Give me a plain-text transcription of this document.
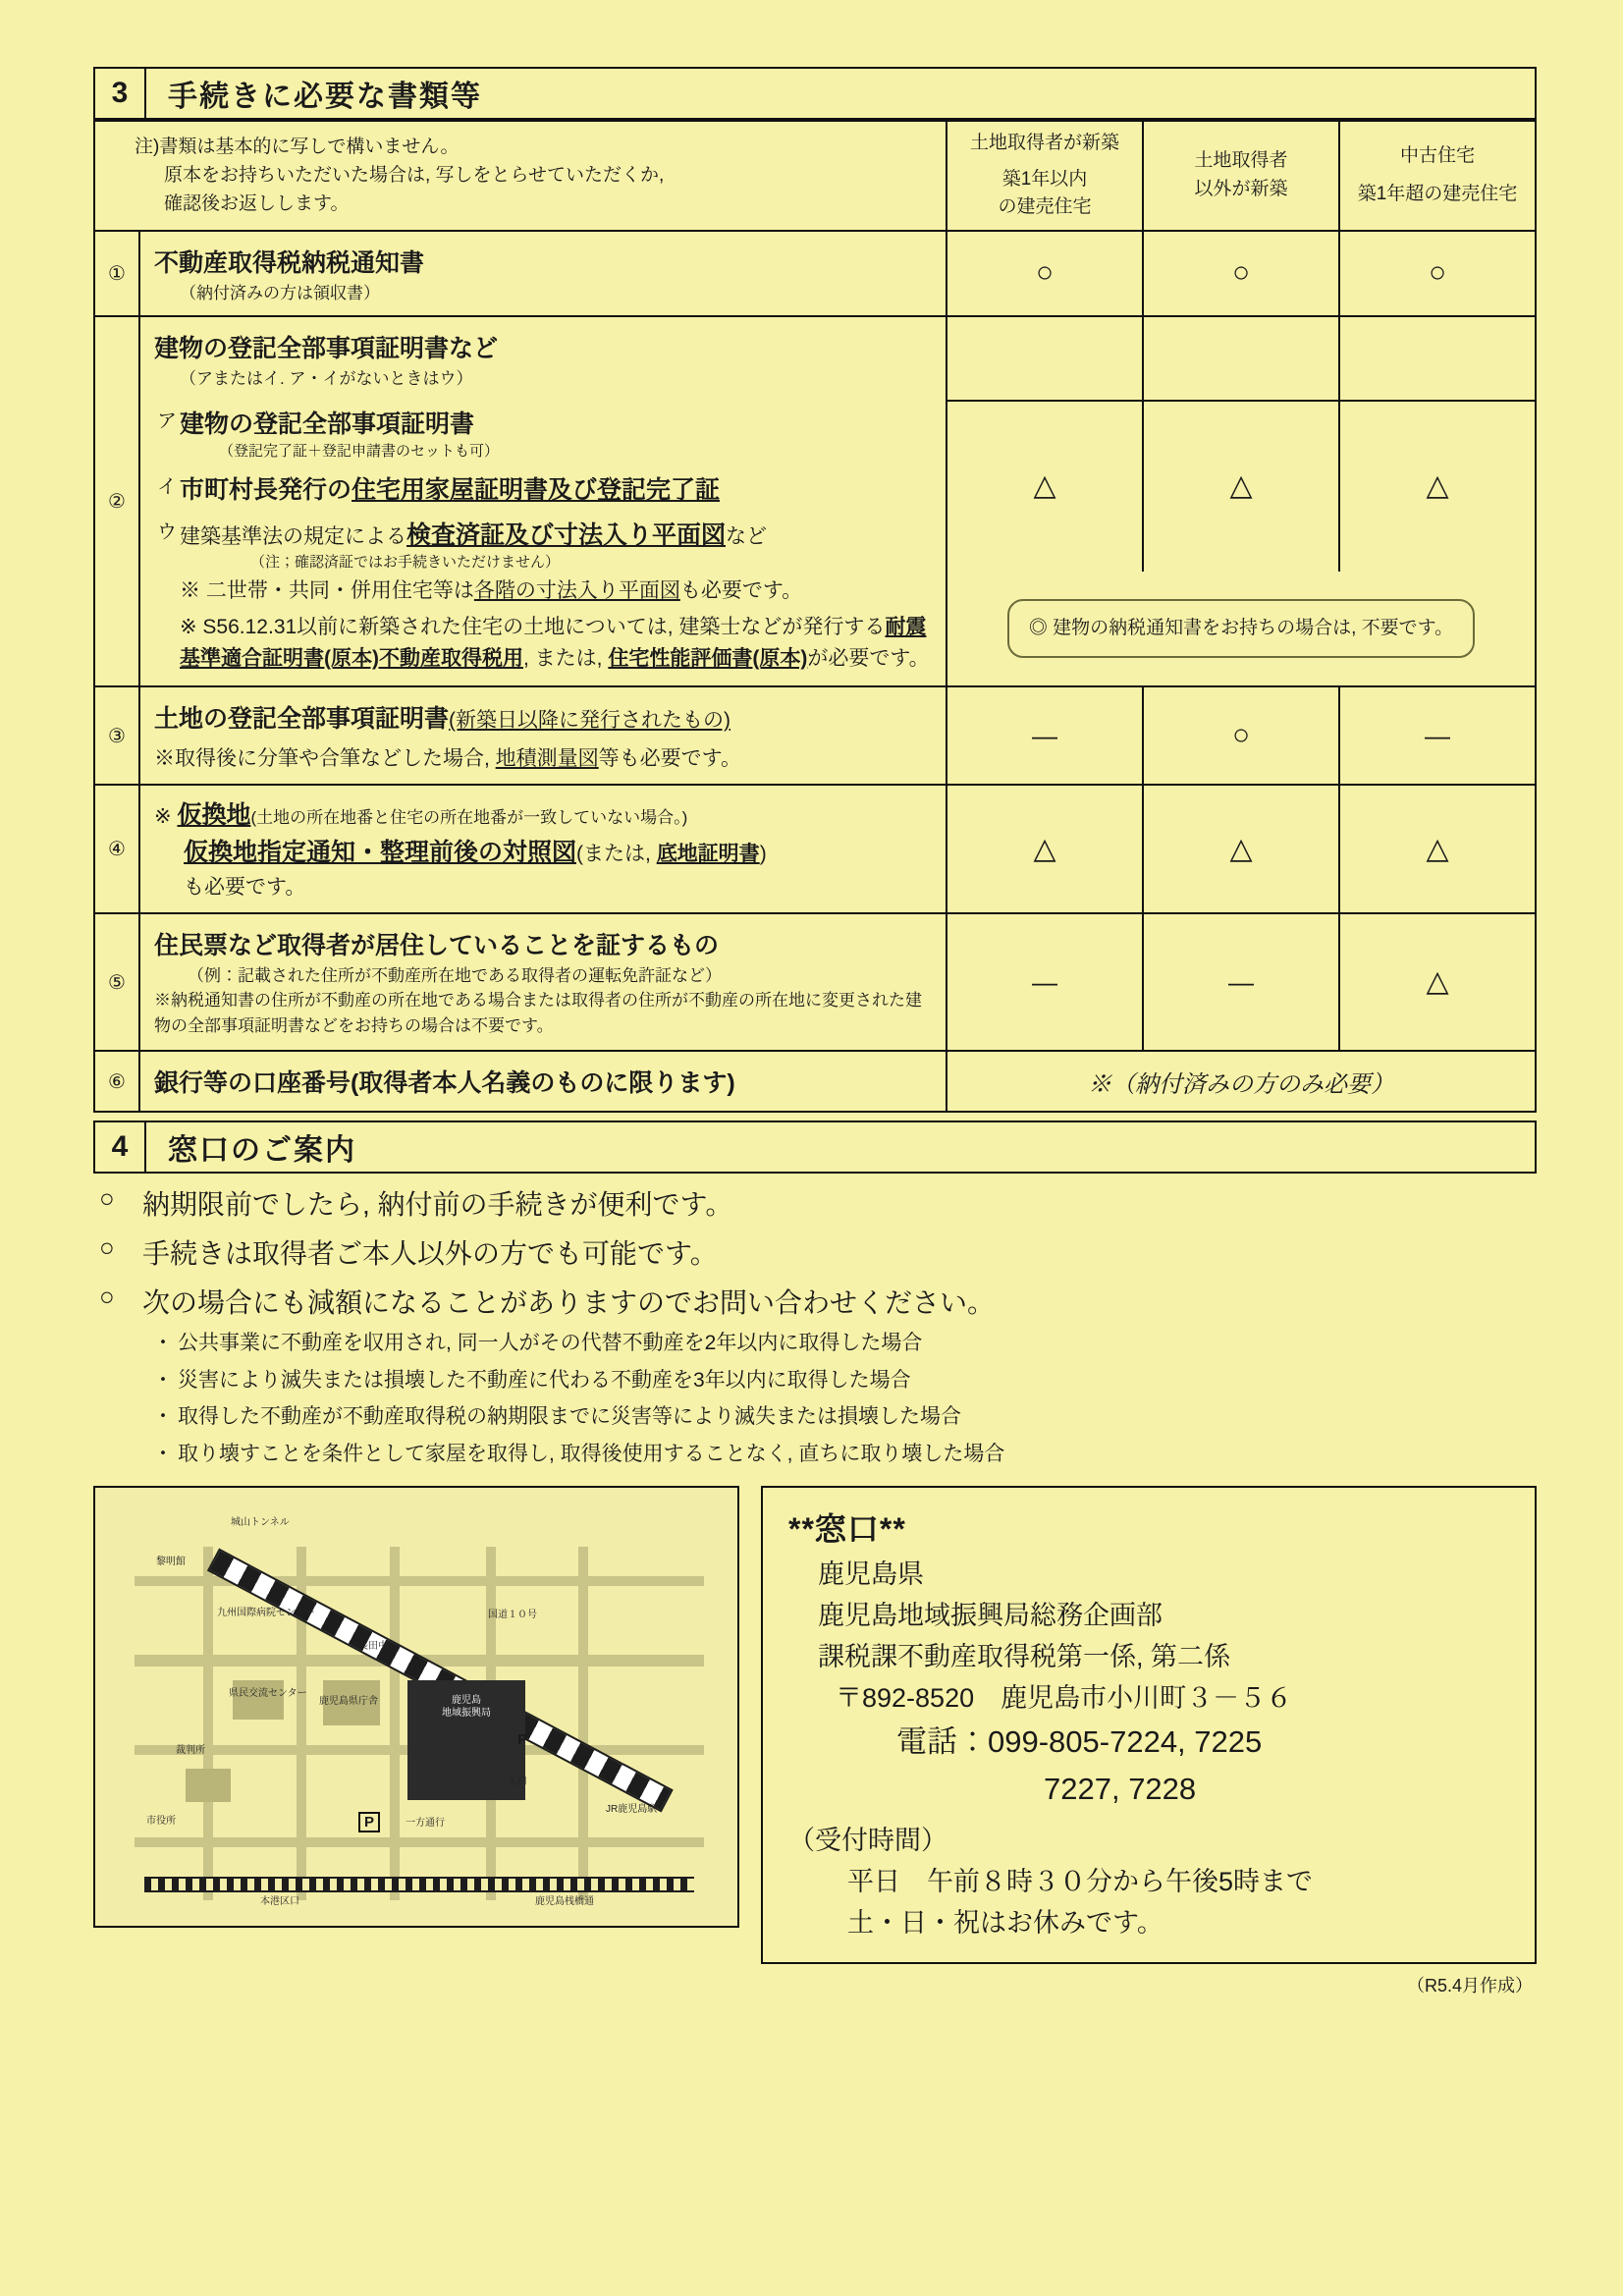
3	手続きに必要な書類等
注)書類は基本的に写しで構いません。
原本をお持ちいただいた場合は, 写しをとらせていただくか,
確認後お返しします。

土地取得者が新築
築1年以内
の建売住宅

土地取得者
以外が新築

中古住宅
築1年超の建売住宅

①	不動産取得税納税通知書
（納付済みの方は領収書）	○	○	○
②	建物の登記全部事項証明書など
（アまたはイ. ア・イがないときはウ）			

ア 建物の登記全部事項証明書
（登記完了証＋登記申請書のセットも可）
イ 市町村長発行の住宅用家屋証明書及び登記完了証
ウ 建築基準法の規定による検査済証及び寸法入り平面図など
（注；確認済証ではお手続きいただけません）
	△	△	△

	※ 二世帯・共同・併用住宅等は各階の寸法入り平面図も必要です。
※ S56.12.31以前に新築された住宅の土地については, 建築士などが発行する耐震基準適合証明書(原本)不動産取得税用, または, 住宅性能評価書(原本)が必要です。	◎ 建物の納税通知書をお持ちの場合は, 不要です。		

③	土地の登記全部事項証明書(新築日以降に発行されたもの)
※取得後に分筆や合筆などした場合, 地積測量図等も必要です。	―	○	―
④	※ 仮換地(土地の所在地番と住宅の所在地番が一致していない場合。)
仮換地指定通知・整理前後の対照図(または, 底地証明書)
も必要です。	△	△	△
⑤	住民票など取得者が居住していることを証するもの
（例：記載された住所が不動産所在地である取得者の運転免許証など）
※納税通知書の住所が不動産の所在地である場合または取得者の住所が不動産の所在地に変更された建物の全部事項証明書などをお持ちの場合は不要です。	―	―	△
⑥	銀行等の口座番号(取得者本人名義のものに限ります)	※（納付済みの方のみ必要）		
4	窓口のご案内
○	納期限前でしたら, 納付前の手続きが便利です。
○	手続きは取得者ご本人以外の方でも可能です。
○	次の場合にも減額になることがありますのでお問い合わせください。
・ 公共事業に不動産を収用され, 同一人がその代替不動産を2年以内に取得した場合
・ 災害により滅失または損壊した不動産に代わる不動産を3年以内に取得した場合
・ 取得した不動産が不動産取得税の納期限までに災害等により滅失または損壊した場合
・ 取り壊すことを条件として家屋を取得し, 取得後使用することなく, 直ちに取り壊した場合
鹿児島
地域振興局
P
P
城山トンネル
黎明館
九州国際病院センター	国道１０号
長田中
県民交流センター
裁判所
鹿児島県庁舎
市役所
入口
一方通行
JR鹿児島駅
本港区口	鹿児島桟橋通
**窓口**
鹿児島県
鹿児島地域振興局総務企画部
課税課不動産取得税第一係, 第二係
〒892-8520　鹿児島市小川町３－５６
電話：099-805-7224, 7225
7227, 7228
（受付時間）
平日　午前８時３０分から午後5時まで
土・日・祝はお休みです。
（R5.4月作成）
